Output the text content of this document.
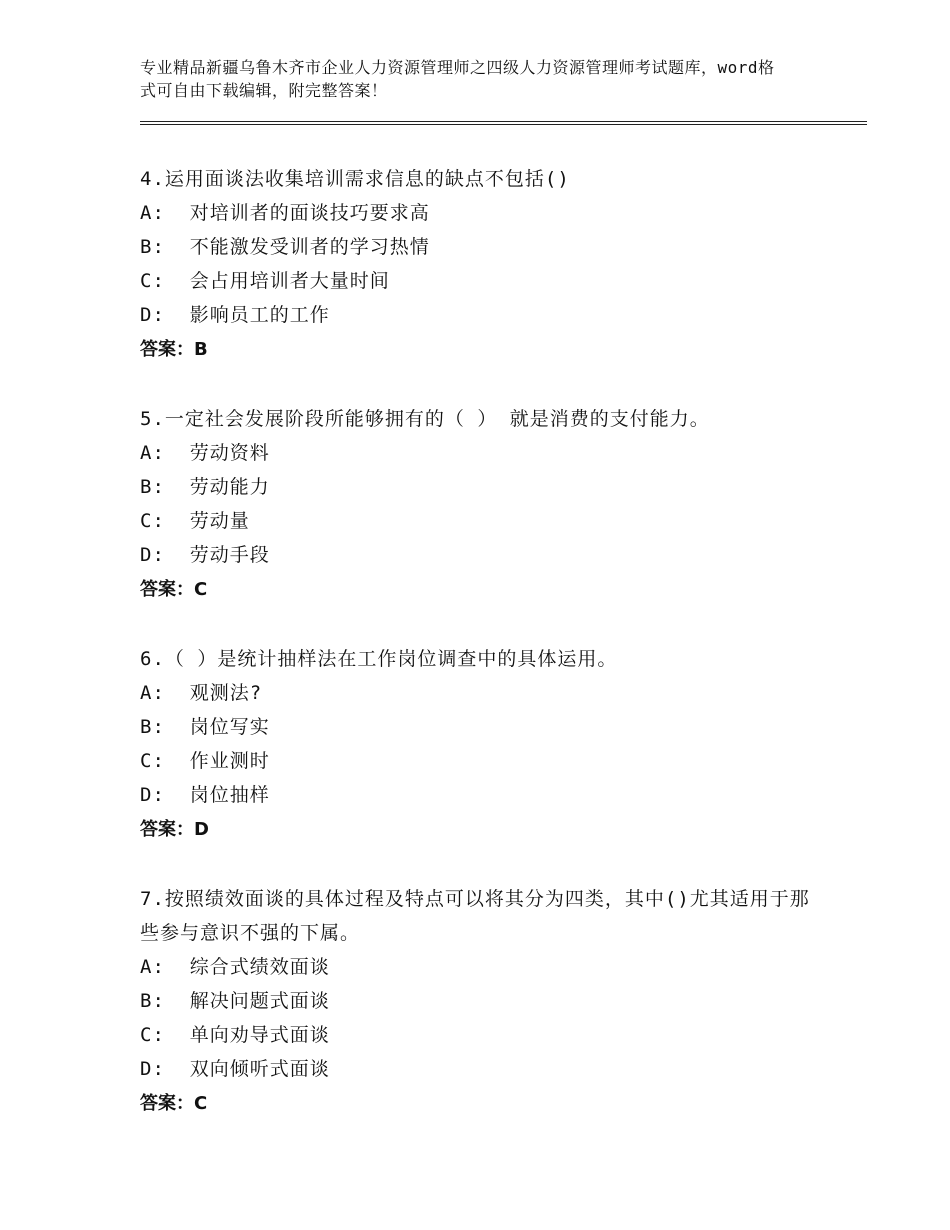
专业精品新疆乌鲁木齐市企业人力资源管理师之四级人力资源管理师考试题库，word格式可自由下载编辑，附完整答案！

4.运用面谈法收集培训需求信息的缺点不包括()

A:  对培训者的面谈技巧要求高

B:  不能激发受训者的学习热情

C:  会占用培训者大量时间

D:  影响员工的工作

答案：B

5.一定社会发展阶段所能够拥有的（ ） 就是消费的支付能力。

A:  劳动资料

B:  劳动能力

C:  劳动量

D:  劳动手段

答案：C

6.（ ）是统计抽样法在工作岗位调查中的具体运用。

A:  观测法?

B:  岗位写实

C:  作业测时

D:  岗位抽样

答案：D

7.按照绩效面谈的具体过程及特点可以将其分为四类，其中()尤其适用于那些参与意识不强的下属。

A:  综合式绩效面谈

B:  解决问题式面谈

C:  单向劝导式面谈

D:  双向倾听式面谈

答案：C
